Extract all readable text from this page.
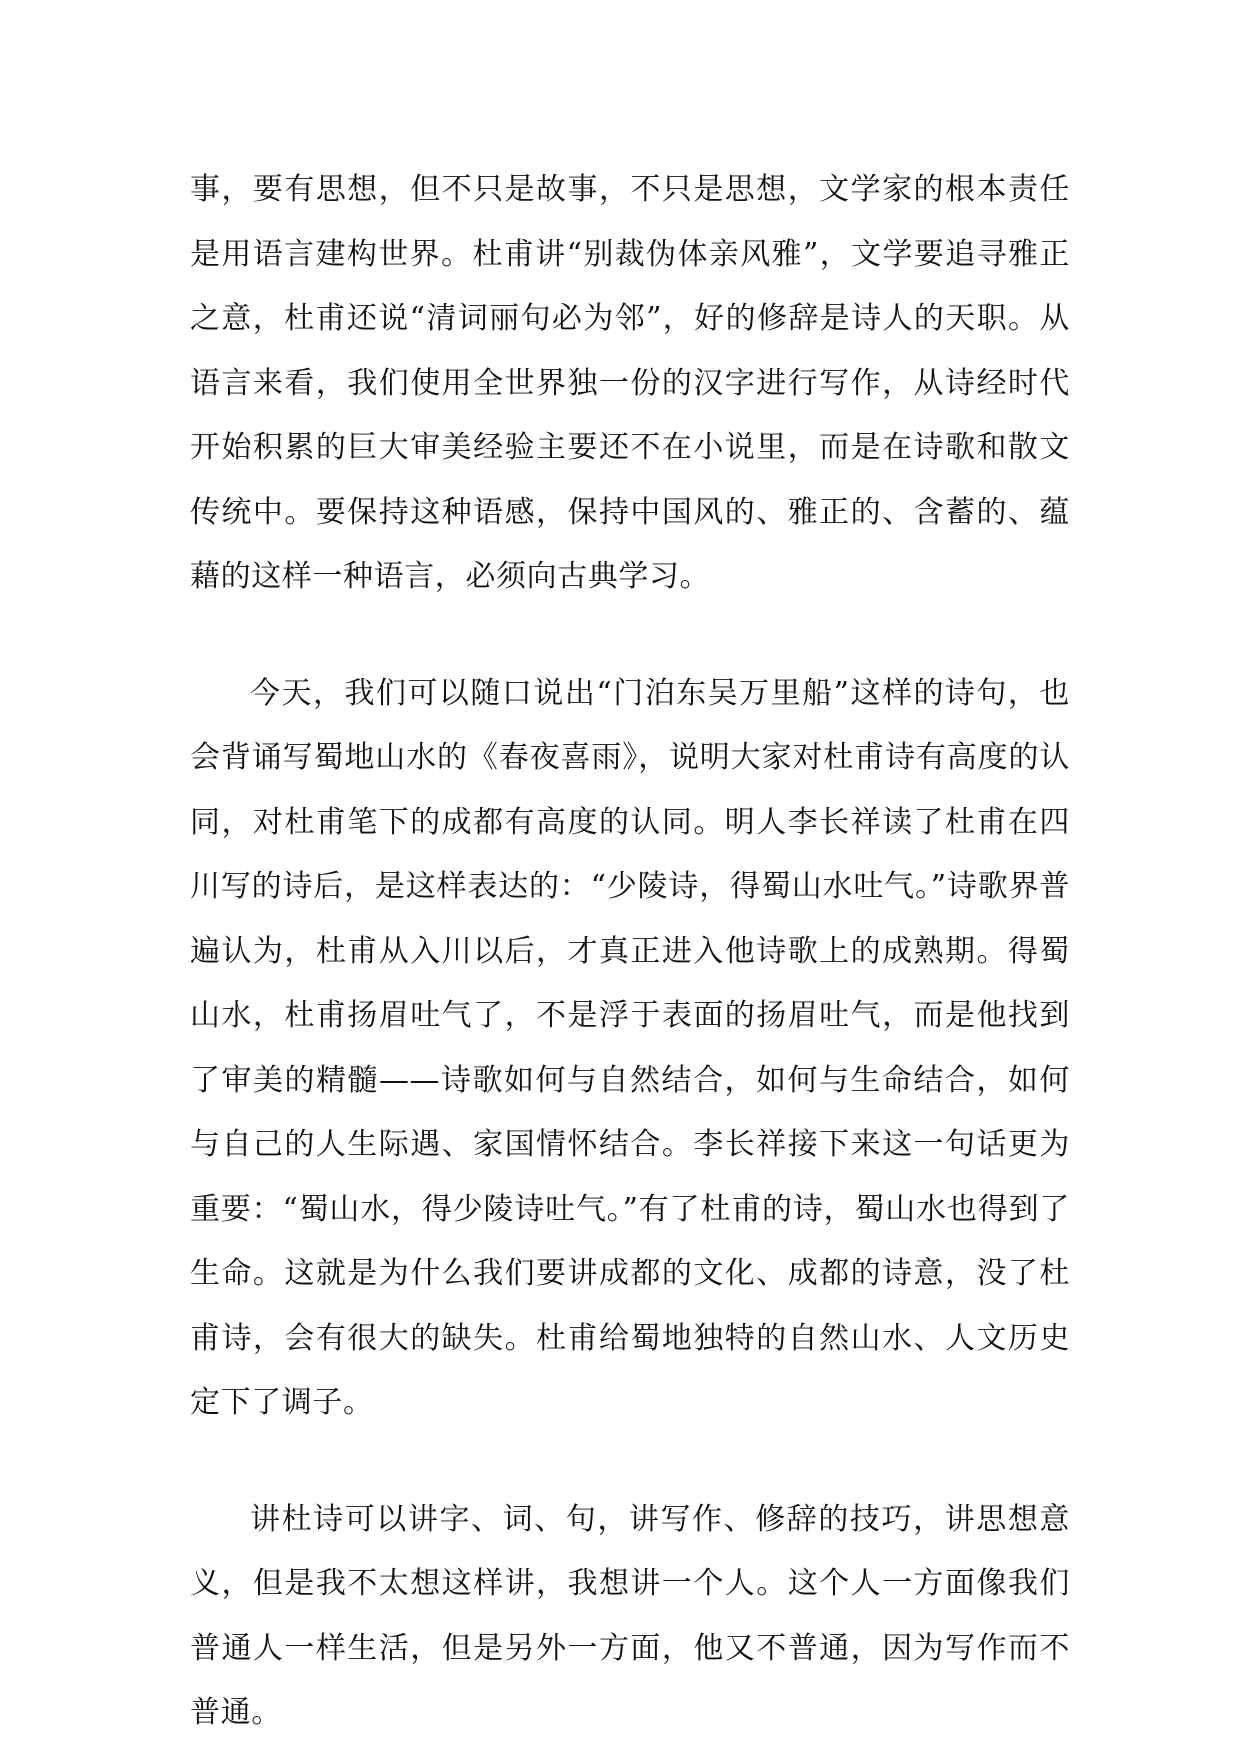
事，要有思想，但不只是故事，不只是思想，文学家的根本责任是用语言建构世界。杜甫讲“别裁伪体亲风雅”，文学要追寻雅正之意，杜甫还说“清词丽句必为邻”，好的修辞是诗人的天职。从语言来看，我们使用全世界独一份的汉字进行写作，从诗经时代开始积累的巨大审美经验主要还不在小说里，而是在诗歌和散文传统中。要保持这种语感，保持中国风的、雅正的、含蓄的、蕴藉的这样一种语言，必须向古典学习。

今天，我们可以随口说出“门泊东吴万里船”这样的诗句，也会背诵写蜀地山水的《春夜喜雨》，说明大家对杜甫诗有高度的认同，对杜甫笔下的成都有高度的认同。明人李长祥读了杜甫在四川写的诗后，是这样表达的：“少陵诗，得蜀山水吐气。”诗歌界普遍认为，杜甫从入川以后，才真正进入他诗歌上的成熟期。得蜀山水，杜甫扬眉吐气了，不是浮于表面的扬眉吐气，而是他找到了审美的精髓——诗歌如何与自然结合，如何与生命结合，如何与自己的人生际遇、家国情怀结合。李长祥接下来这一句话更为重要：“蜀山水，得少陵诗吐气。”有了杜甫的诗，蜀山水也得到了生命。这就是为什么我们要讲成都的文化、成都的诗意，没了杜甫诗，会有很大的缺失。杜甫给蜀地独特的自然山水、人文历史定下了调子。

讲杜诗可以讲字、词、句，讲写作、修辞的技巧，讲思想意义，但是我不太想这样讲，我想讲一个人。这个人一方面像我们普通人一样生活，但是另外一方面，他又不普通，因为写作而不普通。
